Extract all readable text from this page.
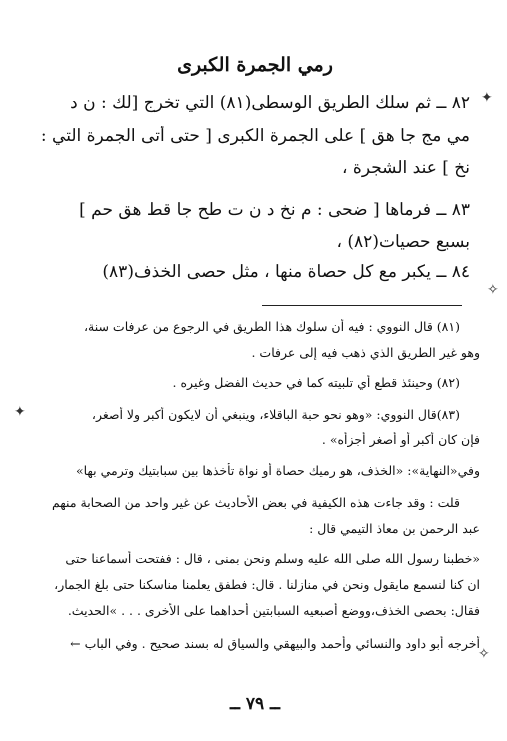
رمي الجمرة الكبرى
٨٢ ــ ثم سلك الطريق الوسطى(٨١) التي تخرج [لك : ن د
مي مج جا هق ] على الجمرة الكبرى [ حتى أتى الجمرة التي :
نخ ] عند الشجرة ،
٨٣ ــ فرماها [ ضحى : م نخ د ن ت طح جا قط هق حم ]
بسبع حصيات(٨٢) ،
٨٤ ــ يكبر مع كل حصاة منها ، مثل حصى الخذف(٨٣)
(٨١) قال النووي : فيه أن سلوك هذا الطريق في الرجوع من عرفات سنة،
وهو غير الطريق الذي ذهب فيه إلى عرفات .
(٨٢) وحينئذ قطع أي تلبيته كما في حديث الفضل وغيره .
(٨٣)قال النووي: «وهو نحو حبة الباقلاء، وينبغي أن لايكون أكبر ولا أصغر،
فإن كان أكبر أو أصغر أجزأه» .
وفي«النهاية»: «الخذف، هو رميك حصاة أو نواة تأخذها بين سبابتيك وترمي بها»
قلت : وقد جاءت هذه الكيفية في بعض الأحاديث عن غير واحد من الصحابة منهم
عبد الرحمن بن معاذ التيمي قال :
«خطبنا رسول الله صلى الله عليه وسلم ونحن بمنى ، قال : ففتحت أسماعنا حتى
ان كنا لنسمع مايقول ونحن في منازلنا . قال: فطفق يعلمنا مناسكنا حتى بلغ الجمار،
فقال: بحصى الخذف،ووضع أصبعيه السبابتين أحداهما على الأخرى . . . »الحديث.
أخرجه أبو داود والنسائي وأحمد والبيهقي والسياق له بسند صحيح . وفي الباب ←
ــ ٧٩ ــ
✦
✧
✦
✧
